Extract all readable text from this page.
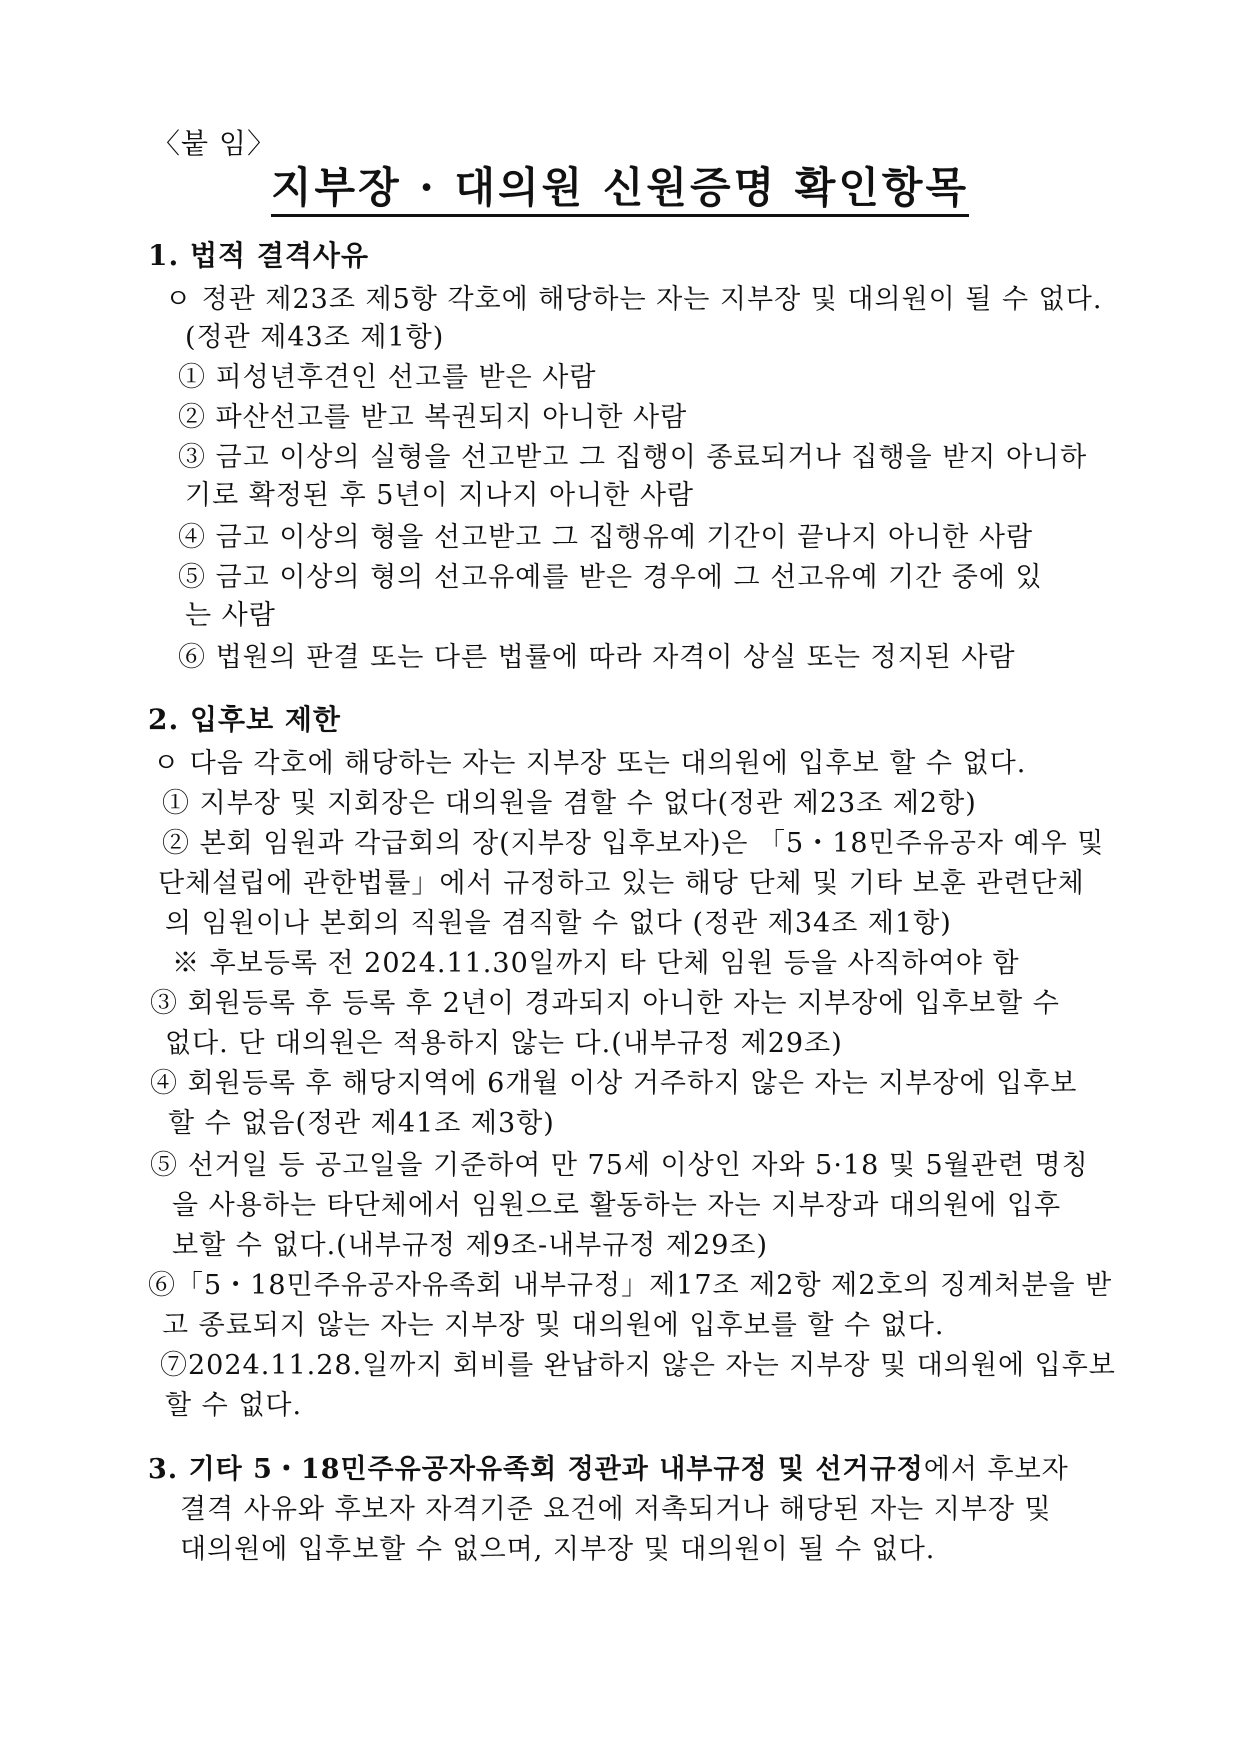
〈붙 임〉
지부장 · 대의원 신원증명 확인항목
1. 법적 결격사유
ㅇ 정관 제23조 제5항 각호에 해당하는 자는 지부장 및 대의원이 될 수 없다.
(정관 제43조 제1항)
① 피성년후견인 선고를 받은 사람
② 파산선고를 받고 복권되지 아니한 사람
③ 금고 이상의 실형을 선고받고 그 집행이 종료되거나 집행을 받지 아니하
기로 확정된 후 5년이 지나지 아니한 사람
④ 금고 이상의 형을 선고받고 그 집행유예 기간이 끝나지 아니한 사람
⑤ 금고 이상의 형의 선고유예를 받은 경우에 그 선고유예 기간 중에 있
는 사람
⑥ 법원의 판결 또는 다른 법률에 따라 자격이 상실 또는 정지된 사람
2. 입후보 제한
ㅇ 다음 각호에 해당하는 자는 지부장 또는 대의원에 입후보 할 수 없다.
① 지부장 및 지회장은 대의원을 겸할 수 없다(정관 제23조 제2항)
② 본회 임원과 각급회의 장(지부장 입후보자)은 「5・18민주유공자 예우 및
단체설립에 관한법률」에서 규정하고 있는 해당 단체 및 기타 보훈 관련단체
의 임원이나 본회의 직원을 겸직할 수 없다 (정관 제34조 제1항)
※ 후보등록 전 2024.11.30일까지 타 단체 임원 등을 사직하여야 함
③ 회원등록 후 등록 후 2년이 경과되지 아니한 자는 지부장에 입후보할 수
없다. 단 대의원은 적용하지 않는 다.(내부규정 제29조)
④ 회원등록 후 해당지역에 6개월 이상 거주하지 않은 자는 지부장에 입후보
할 수 없음(정관 제41조 제3항)
⑤ 선거일 등 공고일을 기준하여 만 75세 이상인 자와 5·18 및 5월관련 명칭
을 사용하는 타단체에서 임원으로 활동하는 자는 지부장과 대의원에 입후
보할 수 없다.(내부규정 제9조-내부규정 제29조)
⑥「5・18민주유공자유족회 내부규정」제17조 제2항 제2호의 징계처분을 받
고 종료되지 않는 자는 지부장 및 대의원에 입후보를 할 수 없다.
⑦2024.11.28.일까지 회비를 완납하지 않은 자는 지부장 및 대의원에 입후보
할 수 없다.
3. 기타 5・18민주유공자유족회 정관과 내부규정 및 선거규정에서 후보자
결격 사유와 후보자 자격기준 요건에 저촉되거나 해당된 자는 지부장 및
대의원에 입후보할 수 없으며, 지부장 및 대의원이 될 수 없다.
